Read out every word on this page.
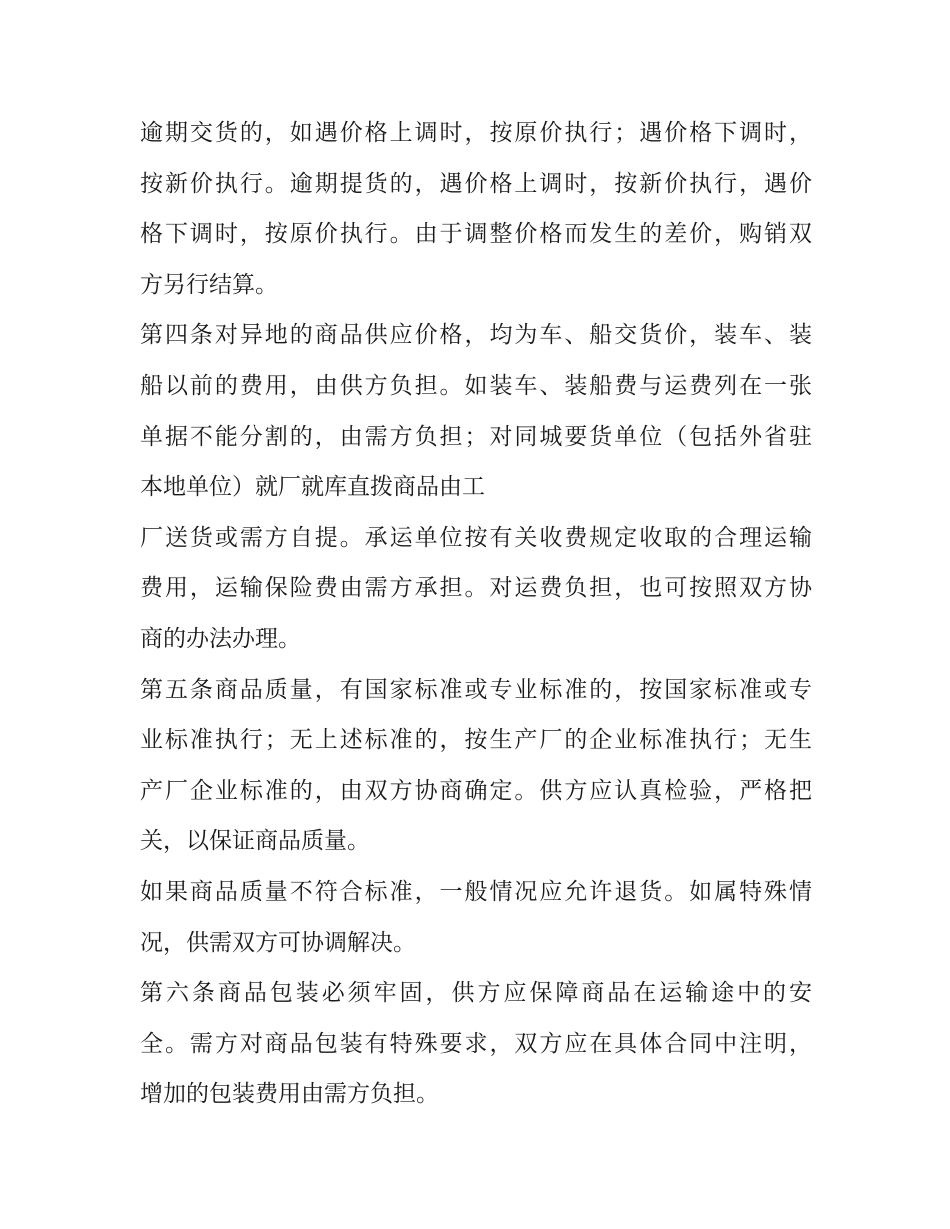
逾期交货的，如遇价格上调时，按原价执行；遇价格下调时，
按新价执行。逾期提货的，遇价格上调时，按新价执行，遇价
格下调时，按原价执行。由于调整价格而发生的差价，购销双
方另行结算。
第四条对异地的商品供应价格，均为车、船交货价，装车、装
船以前的费用，由供方负担。如装车、装船费与运费列在一张
单据不能分割的，由需方负担；对同城要货单位（包括外省驻
本地单位）就厂就库直拨商品由工
厂送货或需方自提。承运单位按有关收费规定收取的合理运输
费用，运输保险费由需方承担。对运费负担，也可按照双方协
商的办法办理。
第五条商品质量，有国家标准或专业标准的，按国家标准或专
业标准执行；无上述标准的，按生产厂的企业标准执行；无生
产厂企业标准的，由双方协商确定。供方应认真检验，严格把
关，以保证商品质量。
如果商品质量不符合标准，一般情况应允许退货。如属特殊情
况，供需双方可协调解决。
第六条商品包装必须牢固，供方应保障商品在运输途中的安
全。需方对商品包装有特殊要求，双方应在具体合同中注明，
增加的包装费用由需方负担。
